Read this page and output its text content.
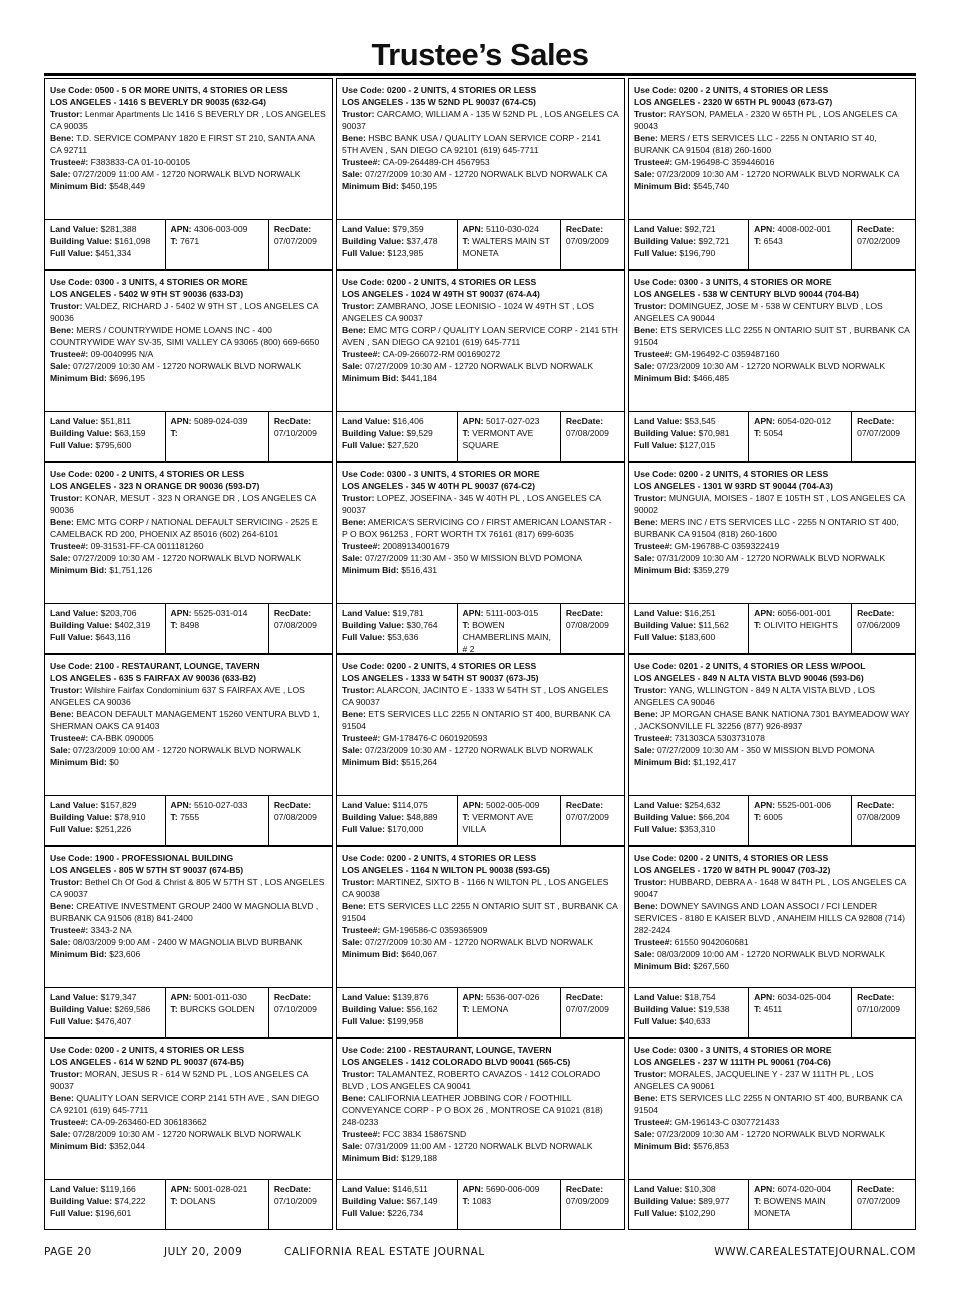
Trustee’s Sales
Use Code: 0500 - 5 OR MORE UNITS, 4 STORIES OR LESS
LOS ANGELES - 1416 S BEVERLY DR 90035 (632-G4)
Trustor: Lenmar Apartments Llc 1416 S BEVERLY DR , LOS ANGELES CA 90035
Bene: T.D. SERVICE COMPANY 1820 E FIRST ST 210, SANTA ANA CA 92711
Trustee#: F383833-CA 01-10-00105
Sale: 07/27/2009 11:00 AM - 12720 NORWALK BLVD NORWALK
Minimum Bid: $548,449
Land Value: $281,388
Building Value: $161,098
Full Value: $451,334
APN: 4306-003-009
T: 7671
RecDate:
07/07/2009
Use Code: 0300 - 3 UNITS, 4 STORIES OR MORE
LOS ANGELES - 5402 W 9TH ST 90036 (633-D3)
Trustor: VALDEZ, RICHARD J - 5402 W 9TH ST , LOS ANGELES CA 90036
Bene: MERS / COUNTRYWIDE HOME LOANS INC - 400 COUNTRYWIDE WAY SV-35, SIMI VALLEY CA 93065 (800) 669-6650
Trustee#: 09-0040995 N/A
Sale: 07/27/2009 10:30 AM - 12720 NORWALK BLVD NORWALK
Minimum Bid: $696,195
Land Value: $51,811
Building Value: $63,159
Full Value: $795,600
APN: 5089-024-039
T:
RecDate:
07/10/2009
Use Code: 0200 - 2 UNITS, 4 STORIES OR LESS
LOS ANGELES - 323 N ORANGE DR 90036 (593-D7)
Trustor: KONAR, MESUT - 323 N ORANGE DR , LOS ANGELES CA 90036
Bene: EMC MTG CORP / NATIONAL DEFAULT SERVICING - 2525 E CAMELBACK RD 200, PHOENIX AZ 85016 (602) 264-6101
Trustee#: 09-31531-FF-CA 0011181260
Sale: 07/27/2009 10:30 AM - 12720 NORWALK BLVD NORWALK
Minimum Bid: $1,751,126
Land Value: $203,706
Building Value: $402,319
Full Value: $643,116
APN: 5525-031-014
T: 8498
RecDate:
07/08/2009
Use Code: 2100 - RESTAURANT, LOUNGE, TAVERN
LOS ANGELES - 635 S FAIRFAX AV 90036 (633-B2)
Trustor: Wilshire Fairfax Condominium 637 S FAIRFAX AVE , LOS ANGELES CA 90036
Bene: BEACON DEFAULT MANAGEMENT 15260 VENTURA BLVD 1, SHERMAN OAKS CA 91403
Trustee#: CA-BBK 090005
Sale: 07/23/2009 10:00 AM - 12720 NORWALK BLVD NORWALK
Minimum Bid: $0
Land Value: $157,829
Building Value: $78,910
Full Value: $251,226
APN: 5510-027-033
T: 7555
RecDate:
07/08/2009
Use Code: 1900 - PROFESSIONAL BUILDING
LOS ANGELES - 805 W 57TH ST 90037 (674-B5)
Trustor: Bethel Ch Of God & Christ & 805 W 57TH ST , LOS ANGELES CA 90037
Bene: CREATIVE INVESTMENT GROUP 2400 W MAGNOLIA BLVD , BURBANK CA 91506 (818) 841-2400
Trustee#: 3343-2 NA
Sale: 08/03/2009 9:00 AM - 2400 W MAGNOLIA BLVD BURBANK
Minimum Bid: $23,606
Land Value: $179,347
Building Value: $269,586
Full Value: $476,407
APN: 5001-011-030
T: BURCKS GOLDEN
RecDate:
07/10/2009
Use Code: 0200 - 2 UNITS, 4 STORIES OR LESS
LOS ANGELES - 614 W 52ND PL 90037 (674-B5)
Trustor: MORAN, JESUS R - 614 W 52ND PL , LOS ANGELES CA 90037
Bene: QUALITY LOAN SERVICE CORP 2141 5TH AVE , SAN DIEGO CA 92101 (619) 645-7711
Trustee#: CA-09-263460-ED 306183662
Sale: 07/28/2009 10:30 AM - 12720 NORWALK BLVD NORWALK
Minimum Bid: $352,044
Land Value: $119,166
Building Value: $74,222
Full Value: $196,601
APN: 5001-028-021
T: DOLANS
RecDate:
07/10/2009
Use Code: 0200 - 2 UNITS, 4 STORIES OR LESS
LOS ANGELES - 135 W 52ND PL 90037 (674-C5)
Trustor: CARCAMO, WILLIAM A - 135 W 52ND PL , LOS ANGELES CA 90037
Bene: HSBC BANK USA / QUALITY LOAN SERVICE CORP - 2141 5TH AVEN , SAN DIEGO CA 92101 (619) 645-7711
Trustee#: CA-09-264489-CH 4567953
Sale: 07/27/2009 10:30 AM - 12720 NORWALK BLVD NORWALK CA
Minimum Bid: $450,195
Land Value: $79,359
Building Value: $37,478
Full Value: $123,985
APN: 5110-030-024
T: WALTERS MAIN ST MONETA
RecDate:
07/09/2009
Use Code: 0200 - 2 UNITS, 4 STORIES OR LESS
LOS ANGELES - 1024 W 49TH ST 90037 (674-A4)
Trustor: ZAMBRANO, JOSE LEONISIO - 1024 W 49TH ST , LOS ANGELES CA 90037
Bene: EMC MTG CORP / QUALITY LOAN SERVICE CORP - 2141 5TH AVEN , SAN DIEGO CA 92101 (619) 645-7711
Trustee#: CA-09-266072-RM 001690272
Sale: 07/27/2009 10:30 AM - 12720 NORWALK BLVD NORWALK
Minimum Bid: $441,184
Land Value: $16,406
Building Value: $9,529
Full Value: $27,520
APN: 5017-027-023
T: VERMONT AVE SQUARE
RecDate:
07/08/2009
Use Code: 0300 - 3 UNITS, 4 STORIES OR MORE
LOS ANGELES - 345 W 40TH PL 90037 (674-C2)
Trustor: LOPEZ, JOSEFINA - 345 W 40TH PL , LOS ANGELES CA 90037
Bene: AMERICA'S SERVICING CO / FIRST AMERICAN LOANSTAR - P O BOX 961253 , FORT WORTH TX 76161 (817) 699-6035
Trustee#: 20089134001679
Sale: 07/27/2009 11:30 AM - 350 W MISSION BLVD POMONA
Minimum Bid: $516,431
Land Value: $19,781
Building Value: $30,764
Full Value: $53,636
APN: 5111-003-015
T: BOWEN CHAMBERLINS MAIN, # 2
RecDate:
07/08/2009
Use Code: 0200 - 2 UNITS, 4 STORIES OR LESS
LOS ANGELES - 1333 W 54TH ST 90037 (673-J5)
Trustor: ALARCON, JACINTO E - 1333 W 54TH ST , LOS ANGELES CA 90037
Bene: ETS SERVICES LLC 2255 N ONTARIO ST 400, BURBANK CA 91504
Trustee#: GM-178476-C 0601920593
Sale: 07/23/2009 10:30 AM - 12720 NORWALK BLVD NORWALK
Minimum Bid: $515,264
Land Value: $114,075
Building Value: $48,889
Full Value: $170,000
APN: 5002-005-009
T: VERMONT AVE VILLA
RecDate:
07/07/2009
Use Code: 0200 - 2 UNITS, 4 STORIES OR LESS
LOS ANGELES - 1164 N WILTON PL 90038 (593-G5)
Trustor: MARTINEZ, SIXTO B - 1166 N WILTON PL , LOS ANGELES CA 90038
Bene: ETS SERVICES LLC 2255 N ONTARIO SUIT ST , BURBANK CA 91504
Trustee#: GM-196586-C 0359365909
Sale: 07/27/2009 10:30 AM - 12720 NORWALK BLVD NORWALK
Minimum Bid: $640,067
Land Value: $139,876
Building Value: $56,162
Full Value: $199,958
APN: 5536-007-026
T: LEMONA
RecDate:
07/07/2009
Use Code: 2100 - RESTAURANT, LOUNGE, TAVERN
LOS ANGELES - 1412 COLORADO BLVD 90041 (565-C5)
Trustor: TALAMANTEZ, ROBERTO CAVAZOS - 1412 COLORADO BLVD , LOS ANGELES CA 90041
Bene: CALIFORNIA LEATHER JOBBING COR / FOOTHILL CONVEYANCE CORP - P O BOX 26 , MONTROSE CA 91021 (818) 248-0233
Trustee#: FCC 3834 15867SND
Sale: 07/31/2009 11:00 AM - 12720 NORWALK BLVD NORWALK
Minimum Bid: $129,188
Land Value: $146,511
Building Value: $67,149
Full Value: $226,734
APN: 5690-006-009
T: 1083
RecDate:
07/09/2009
Use Code: 0200 - 2 UNITS, 4 STORIES OR LESS
LOS ANGELES - 2320 W 65TH PL 90043 (673-G7)
Trustor: RAYSON, PAMELA - 2320 W 65TH PL , LOS ANGELES CA 90043
Bene: MERS / ETS SERVICES LLC - 2255 N ONTARIO ST 40, BURANK CA 91504 (818) 260-1600
Trustee#: GM-196498-C 359446016
Sale: 07/23/2009 10:30 AM - 12720 NORWALK BLVD NORWALK CA
Minimum Bid: $545,740
Land Value: $92,721
Building Value: $92,721
Full Value: $196,790
APN: 4008-002-001
T: 6543
RecDate:
07/02/2009
Use Code: 0300 - 3 UNITS, 4 STORIES OR MORE
LOS ANGELES - 538 W CENTURY BLVD 90044 (704-B4)
Trustor: DOMINGUEZ, JOSE M - 538 W CENTURY BLVD , LOS ANGELES CA 90044
Bene: ETS SERVICES LLC 2255 N ONTARIO SUIT ST , BURBANK CA 91504
Trustee#: GM-196492-C 0359487160
Sale: 07/23/2009 10:30 AM - 12720 NORWALK BLVD NORWALK
Minimum Bid: $466,485
Land Value: $53,545
Building Value: $70,981
Full Value: $127,015
APN: 6054-020-012
T: 5054
RecDate:
07/07/2009
Use Code: 0200 - 2 UNITS, 4 STORIES OR LESS
LOS ANGELES - 1301 W 93RD ST 90044 (704-A3)
Trustor: MUNGUIA, MOISES - 1807 E 105TH ST , LOS ANGELES CA 90002
Bene: MERS INC / ETS SERVICES LLC - 2255 N ONTARIO ST 400, BURBANK CA 91504 (818) 260-1600
Trustee#: GM-196788-C 0359322419
Sale: 07/31/2009 10:30 AM - 12720 NORWALK BLVD NORWALK
Minimum Bid: $359,279
Land Value: $16,251
Building Value: $11,562
Full Value: $183,600
APN: 6056-001-001
T: OLIVITO HEIGHTS
RecDate:
07/06/2009
Use Code: 0201 - 2 UNITS, 4 STORIES OR LESS W/POOL
LOS ANGELES - 849 N ALTA VISTA BLVD 90046 (593-D6)
Trustor: YANG, WLLINGTON - 849 N ALTA VISTA BLVD , LOS ANGELES CA 90046
Bene: JP MORGAN CHASE BANK NATIONA 7301 BAYMEADOW WAY , JACKSONVILLE FL 32256 (877) 926-8937
Trustee#: 731303CA 5303731078
Sale: 07/27/2009 10:30 AM - 350 W MISSION BLVD POMONA
Minimum Bid: $1,192,417
Land Value: $254,632
Building Value: $66,204
Full Value: $353,310
APN: 5525-001-006
T: 6005
RecDate:
07/08/2009
Use Code: 0200 - 2 UNITS, 4 STORIES OR LESS
LOS ANGELES - 1720 W 84TH PL 90047 (703-J2)
Trustor: HUBBARD, DEBRA A - 1648 W 84TH PL , LOS ANGELES CA 90047
Bene: DOWNEY SAVINGS AND LOAN ASSOCI / FCI LENDER SERVICES - 8180 E KAISER BLVD , ANAHEIM HILLS CA 92808 (714) 282-2424
Trustee#: 61550 9042060681
Sale: 08/03/2009 10:00 AM - 12720 NORWALK BLVD NORWALK
Minimum Bid: $267,560
Land Value: $18,754
Building Value: $19,538
Full Value: $40,633
APN: 6034-025-004
T: 4511
RecDate:
07/10/2009
Use Code: 0300 - 3 UNITS, 4 STORIES OR MORE
LOS ANGELES - 237 W 111TH PL 90061 (704-C6)
Trustor: MORALES, JACQUELINE Y - 237 W 111TH PL , LOS ANGELES CA 90061
Bene: ETS SERVICES LLC 2255 N ONTARIO ST 400, BURBANK CA 91504
Trustee#: GM-196143-C 0307721433
Sale: 07/23/2009 10:30 AM - 12720 NORWALK BLVD NORWALK
Minimum Bid: $576,853
Land Value: $10,308
Building Value: $89,977
Full Value: $102,290
APN: 6074-020-004
T: BOWENS MAIN MONETA
RecDate:
07/07/2009
PAGE 20	JULY 20, 2009	CALIFORNIA REAL ESTATE JOURNAL	WWW.CAREALESTATEJOURNAL.COM
